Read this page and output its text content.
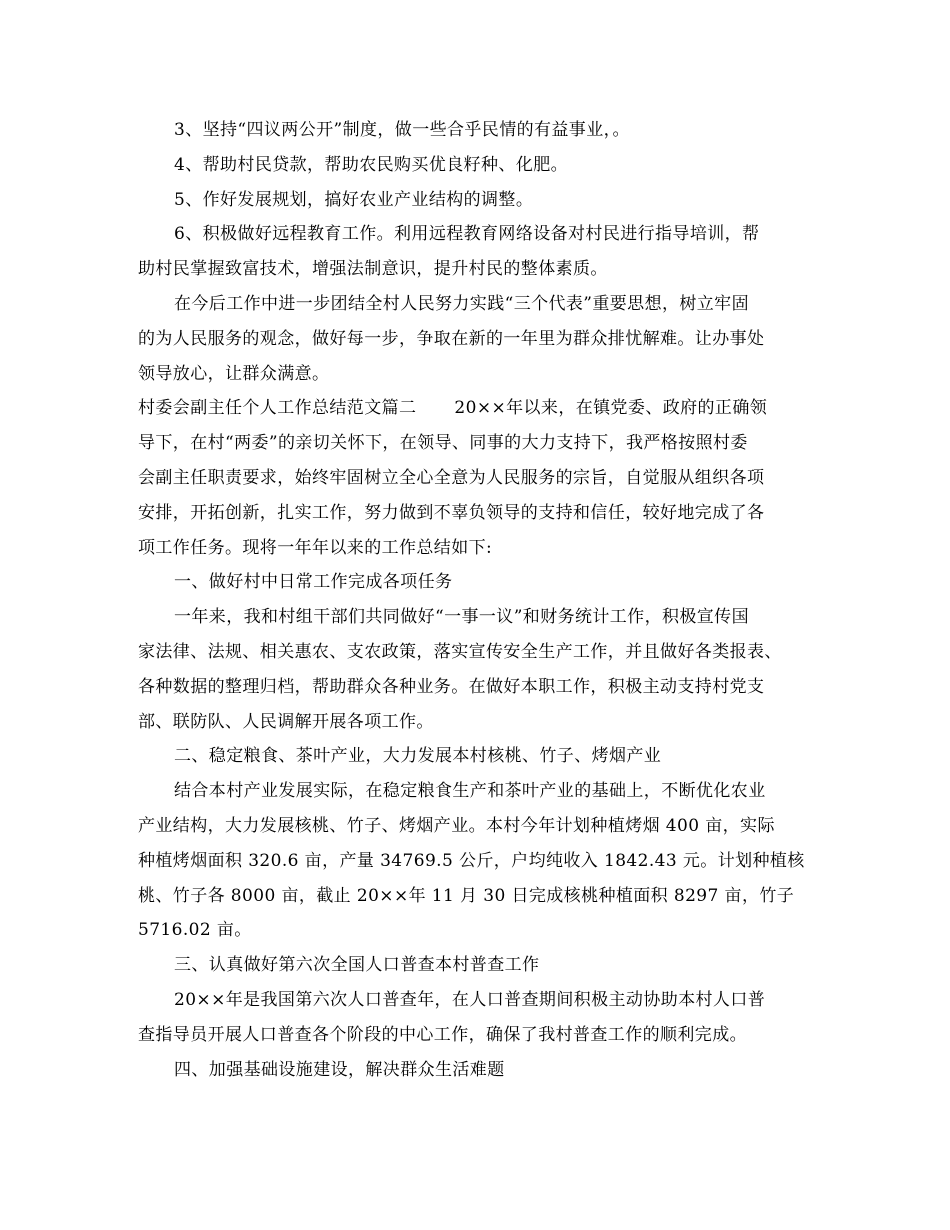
3、坚持“四议两公开”制度，做一些合乎民情的有益事业，。
4、帮助村民贷款，帮助农民购买优良籽种、化肥。
5、作好发展规划，搞好农业产业结构的调整。
6、积极做好远程教育工作。利用远程教育网络设备对村民进行指导培训，帮
助村民掌握致富技术，增强法制意识，提升村民的整体素质。
在今后工作中进一步团结全村人民努力实践“三个代表”重要思想，树立牢固
的为人民服务的观念，做好每一步，争取在新的一年里为群众排忧解难。让办事处
领导放心，让群众满意。
村委会副主任个人工作总结范文篇二 20××年以来，在镇党委、政府的正确领
导下，在村“两委”的亲切关怀下，在领导、同事的大力支持下，我严格按照村委
会副主任职责要求，始终牢固树立全心全意为人民服务的宗旨，自觉服从组织各项
安排，开拓创新，扎实工作，努力做到不辜负领导的支持和信任，较好地完成了各
项工作任务。现将一年年以来的工作总结如下:
一、做好村中日常工作完成各项任务
一年来，我和村组干部们共同做好“一事一议”和财务统计工作，积极宣传国
家法律、法规、相关惠农、支农政策，落实宣传安全生产工作，并且做好各类报表、
各种数据的整理归档，帮助群众各种业务。在做好本职工作，积极主动支持村党支
部、联防队、人民调解开展各项工作。
二、稳定粮食、茶叶产业，大力发展本村核桃、竹子、烤烟产业
结合本村产业发展实际，在稳定粮食生产和茶叶产业的基础上，不断优化农业
产业结构，大力发展核桃、竹子、烤烟产业。本村今年计划种植烤烟 400 亩，实际
种植烤烟面积 320.6 亩，产量 34769.5 公斤，户均纯收入 1842.43 元。计划种植核
桃、竹子各 8000 亩，截止 20××年 11 月 30 日完成核桃种植面积 8297 亩，竹子
5716.02 亩。
三、认真做好第六次全国人口普查本村普查工作
20××年是我国第六次人口普查年，在人口普查期间积极主动协助本村人口普
查指导员开展人口普查各个阶段的中心工作，确保了我村普查工作的顺利完成。
四、加强基础设施建设，解决群众生活难题
